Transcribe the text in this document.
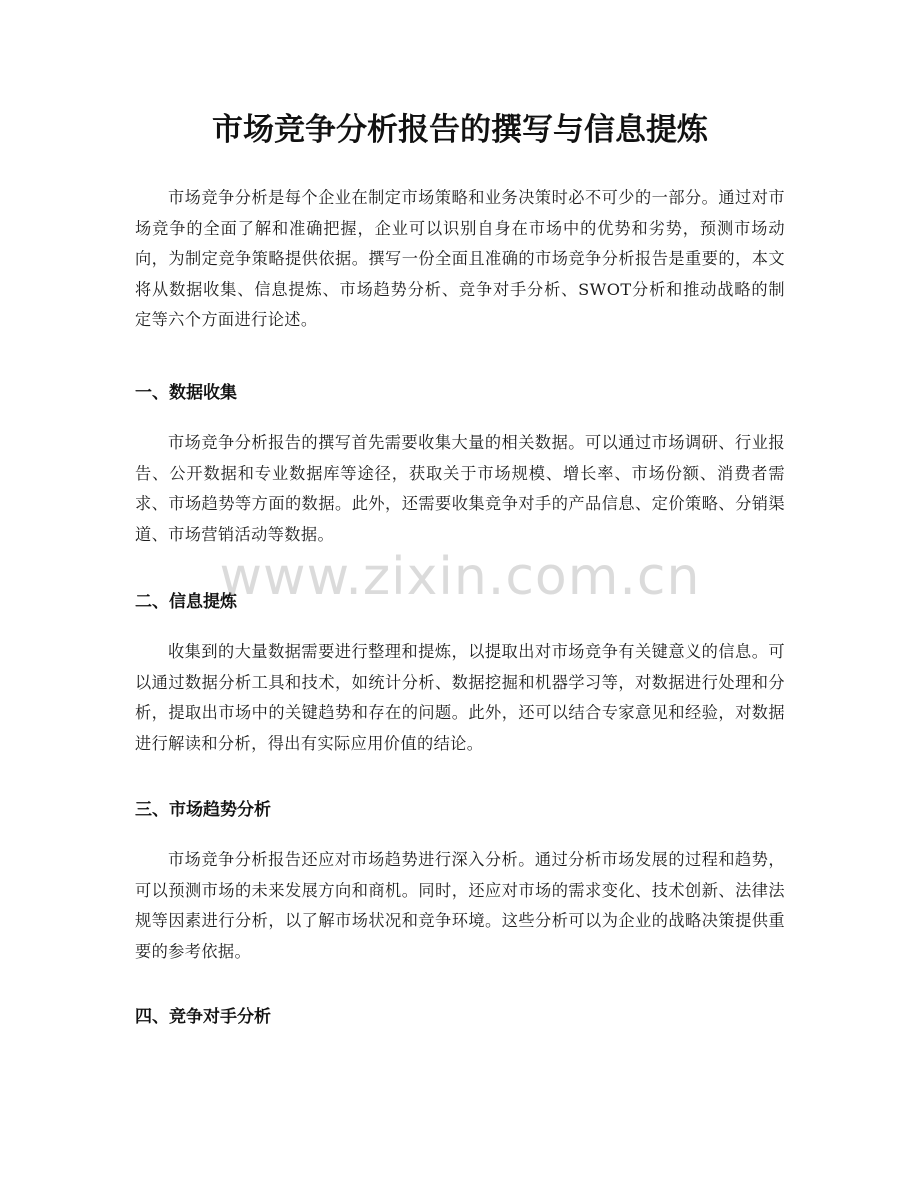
市场竞争分析报告的撰写与信息提炼

市场竞争分析是每个企业在制定市场策略和业务决策时必不可少的一部分。通过对市场竞争的全面了解和准确把握，企业可以识别自身在市场中的优势和劣势，预测市场动向，为制定竞争策略提供依据。撰写一份全面且准确的市场竞争分析报告是重要的，本文将从数据收集、信息提炼、市场趋势分析、竞争对手分析、SWOT分析和推动战略的制定等六个方面进行论述。

一、数据收集

市场竞争分析报告的撰写首先需要收集大量的相关数据。可以通过市场调研、行业报告、公开数据和专业数据库等途径，获取关于市场规模、增长率、市场份额、消费者需求、市场趋势等方面的数据。此外，还需要收集竞争对手的产品信息、定价策略、分销渠道、市场营销活动等数据。

二、信息提炼

收集到的大量数据需要进行整理和提炼，以提取出对市场竞争有关键意义的信息。可以通过数据分析工具和技术，如统计分析、数据挖掘和机器学习等，对数据进行处理和分析，提取出市场中的关键趋势和存在的问题。此外，还可以结合专家意见和经验，对数据进行解读和分析，得出有实际应用价值的结论。

三、市场趋势分析

市场竞争分析报告还应对市场趋势进行深入分析。通过分析市场发展的过程和趋势，可以预测市场的未来发展方向和商机。同时，还应对市场的需求变化、技术创新、法律法规等因素进行分析，以了解市场状况和竞争环境。这些分析可以为企业的战略决策提供重要的参考依据。

四、竞争对手分析
www.zixin.com.cn
